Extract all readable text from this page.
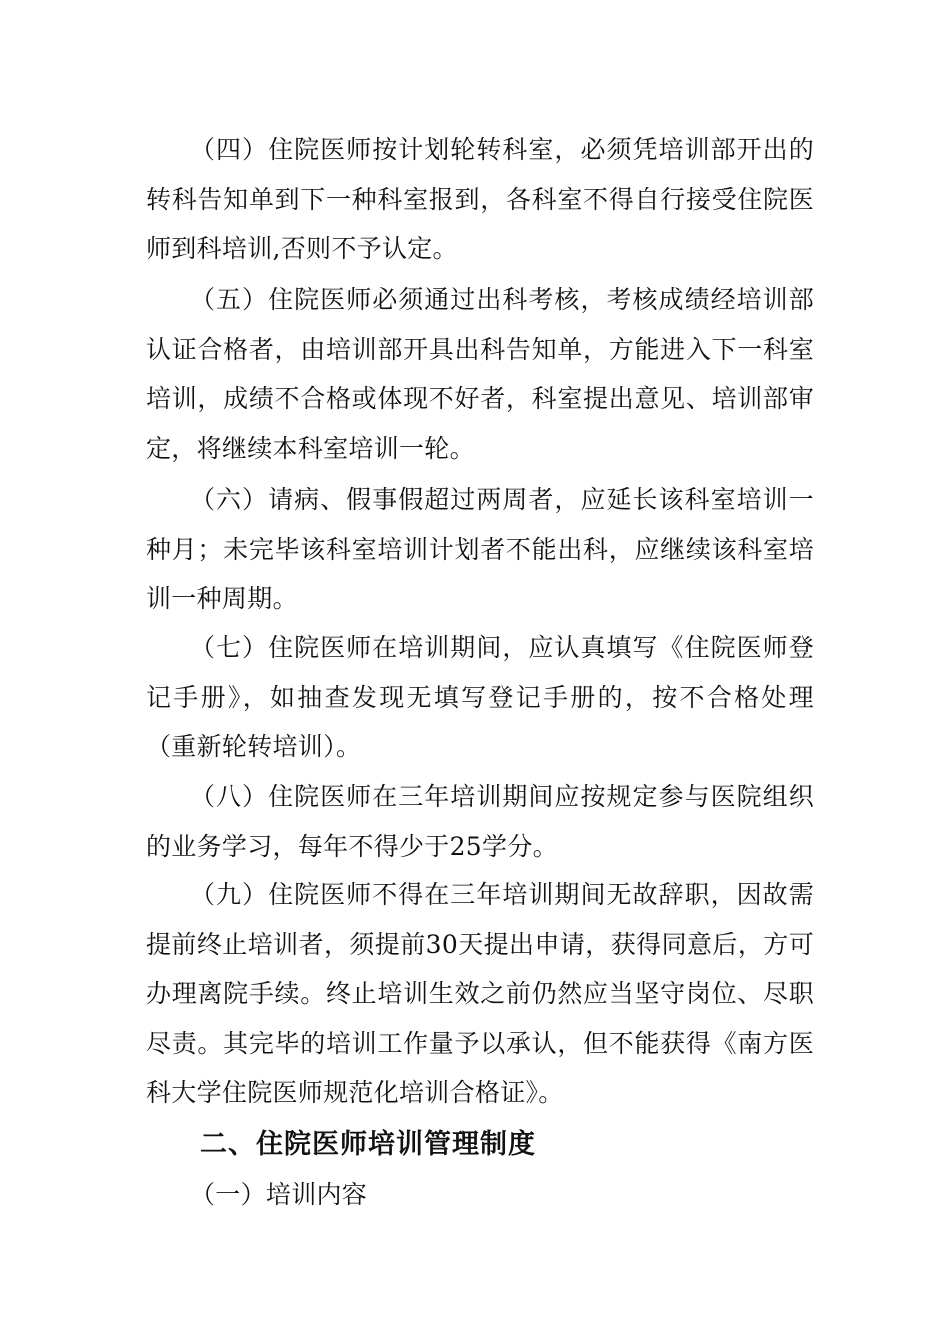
（四）住院医师按计划轮转科室，必须凭培训部开出的转科告知单到下一种科室报到，各科室不得自行接受住院医师到科培训,否则不予认定。

（五）住院医师必须通过出科考核，考核成绩经培训部认证合格者，由培训部开具出科告知单，方能进入下一科室培训，成绩不合格或体现不好者，科室提出意见、培训部审定，将继续本科室培训一轮。

（六）请病、假事假超过两周者，应延长该科室培训一种月；未完毕该科室培训计划者不能出科，应继续该科室培训一种周期。

（七）住院医师在培训期间，应认真填写《住院医师登记手册》，如抽查发现无填写登记手册的，按不合格处理（重新轮转培训）。

（八）住院医师在三年培训期间应按规定参与医院组织的业务学习，每年不得少于25学分。

（九）住院医师不得在三年培训期间无故辞职，因故需提前终止培训者，须提前30天提出申请，获得同意后，方可办理离院手续。终止培训生效之前仍然应当坚守岗位、尽职尽责。其完毕的培训工作量予以承认，但不能获得《南方医科大学住院医师规范化培训合格证》。

二、住院医师培训管理制度

（一）培训内容
